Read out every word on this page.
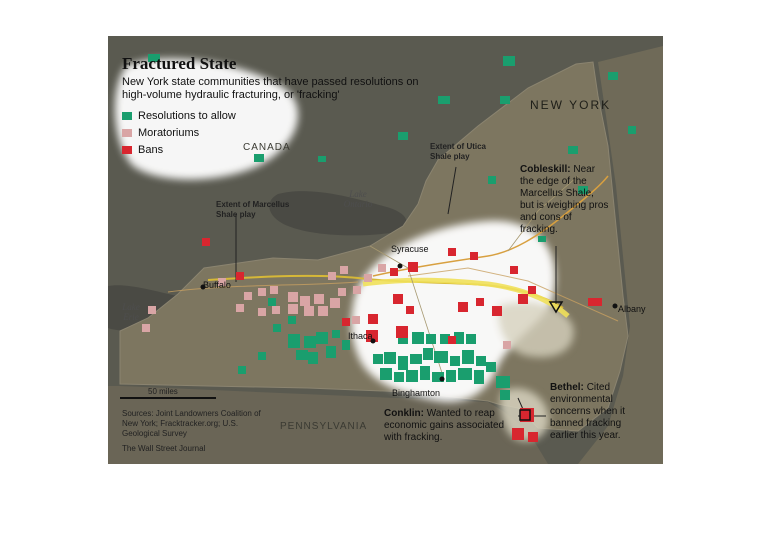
Fractured State
New York state communities that have passed resolutions on high-volume hydraulic fracturing, or 'fracking'
Resolutions to allow
Moratoriums
Bans	CANADA
NEW YORK
PENNSYLVANIA
Lake Ontario
Lake Erie
Extent of Utica Shale play
Extent of Marcellus Shale play
Syracuse
Buffalo
Ithaca
Binghamton
Albany
Cobleskill: Near the edge of the Marcellus Shale, but is weighing pros and cons of fracking.
Conklin: Wanted to reap economic gains associated with fracking.
Bethel: Cited environmental concerns when it banned fracking earlier this year.
50 miles
Sources: Joint Landowners Coalition of New York; Fracktracker.org; U.S. Geological Survey
The Wall Street Journal
